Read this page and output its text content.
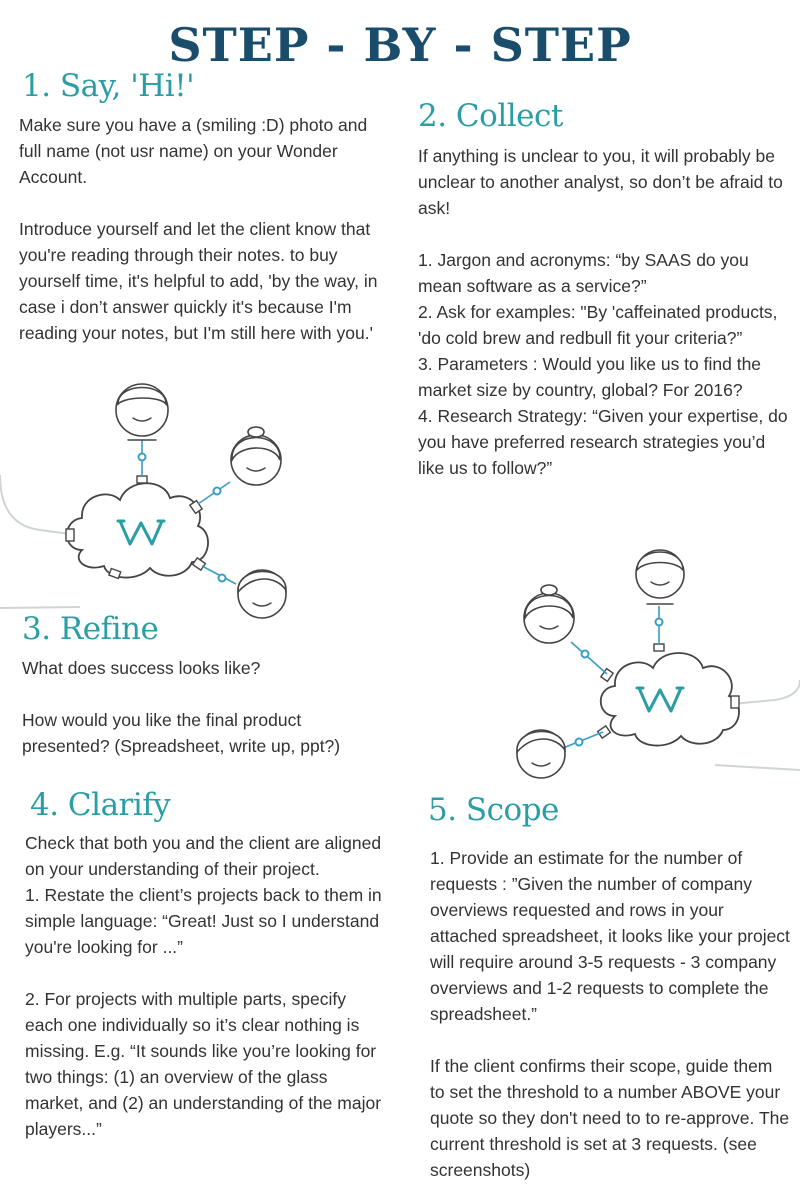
STEP - BY - STEP
1. Say, 'Hi!'

Make sure you have a (smiling :D) photo and full name (not usr name) on your Wonder Account.

Introduce yourself and let the client know that you're reading through their notes. to buy yourself time, it's helpful to add, 'by the way, in case i don’t answer quickly it's because I'm reading your notes, but I'm still here with you.'

2. Collect

If anything is unclear to you, it will probably be unclear to another analyst, so don’t be afraid to ask!

1. Jargon and acronyms: “by SAAS do you mean software as a service?”
2. Ask for examples: "By 'caffeinated products, 'do cold brew and redbull fit your criteria?”
3. Parameters : Would you like us to find the market size by country, global? For 2016?
4. Research Strategy: “Given your expertise, do you have preferred research strategies you’d like us to follow?”

3. Refine

What does success looks like?

How would you like the final product presented? (Spreadsheet, write up, ppt?)

4. Clarify

Check that both you and the client are aligned on your understanding of their project.
1. Restate the client’s projects back to them in simple language: “Great! Just so I understand you're looking for ...”

2. For projects with multiple parts, specify each one individually so it’s clear nothing is missing. E.g. “It sounds like you’re looking for two things: (1) an overview of the glass market, and (2) an understanding of the major players...”

5. Scope

1. Provide an estimate for the number of requests : ”Given the number of company overviews requested and rows in your attached spreadsheet, it looks like your project will require around 3-5 requests - 3 company overviews and 1-2 requests to complete the spreadsheet.”

If the client confirms their scope, guide them to set the threshold to a number ABOVE your quote so they don't need to to re-approve. The current threshold is set at 3 requests. (see screenshots)
